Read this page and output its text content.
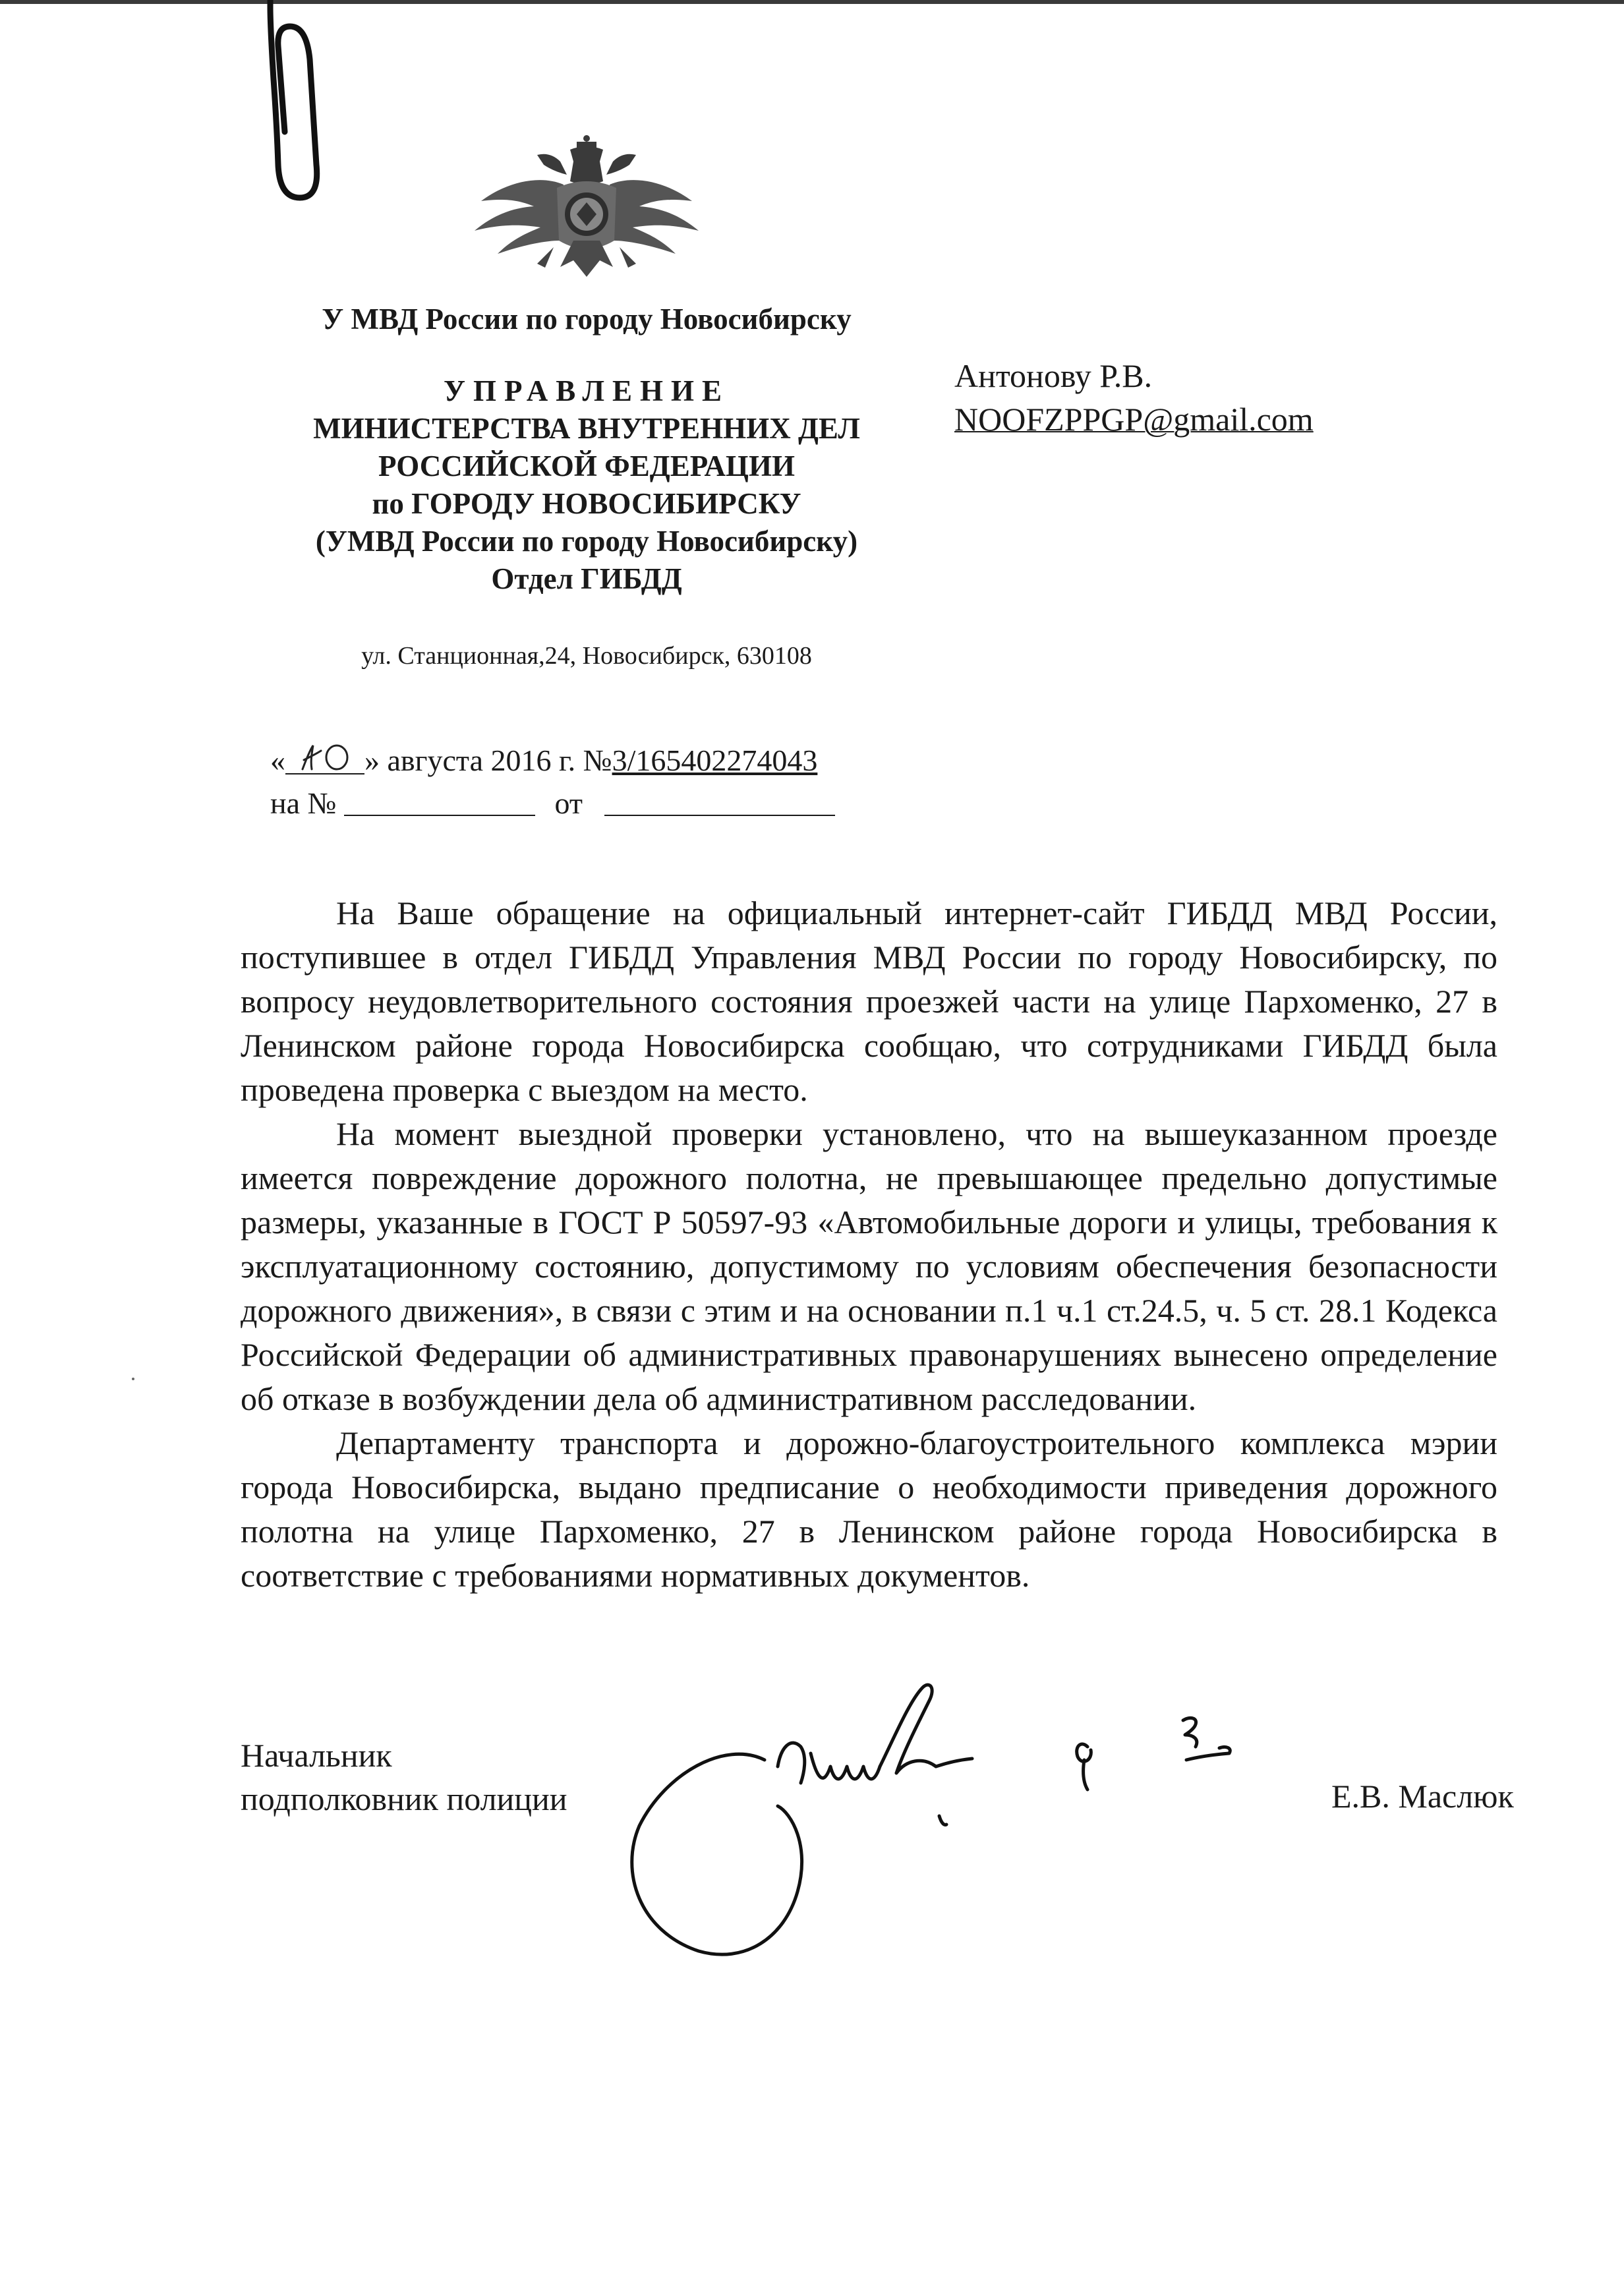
У МВД России по городу Новосибирску
УПРАВЛЕНИЕ
МИНИСТЕРСТВА ВНУТРЕННИХ ДЕЛ
РОССИЙСКОЙ ФЕДЕРАЦИИ
по ГОРОДУ НОВОСИБИРСКУ
(УМВД России по городу Новосибирску)
Отдел ГИБДД
ул. Станционная,24, Новосибирск, 630108
Антонову Р.В.
NOOFZPPGP@gmail.com
«	» августа 2016 г. №3/165402274043
на №	от

На Ваше обращение на официальный интернет-сайт ГИБДД МВД России, поступившее в отдел ГИБДД Управления МВД России по городу Новосибирску, по вопросу неудовлетворительного состояния проезжей части на улице Пархоменко, 27 в Ленинском районе города Новосибирска сообщаю, что сотрудниками ГИБДД была проведена проверка с выездом на место.

На момент выездной проверки установлено, что на вышеуказанном проезде имеется повреждение дорожного полотна, не превышающее предельно допустимые размеры, указанные в ГОСТ Р 50597-93 «Автомобильные дороги и улицы, требования к эксплуатационному состоянию, допустимому по условиям обеспечения безопасности дорожного движения», в связи с этим и на основании п.1 ч.1 ст.24.5, ч. 5 ст. 28.1 Кодекса Российской Федерации об административных правонарушениях вынесено определение об отказе в возбуждении дела об административном расследовании.

Департаменту транспорта и дорожно-благоустроительного комплекса мэрии города Новосибирска, выдано предписание о необходимости приведения дорожного полотна на улице Пархоменко, 27 в Ленинском районе города Новосибирска в соответствие с требованиями нормативных документов.

Начальник
подполковник полиции	Е.В. Маслюк
